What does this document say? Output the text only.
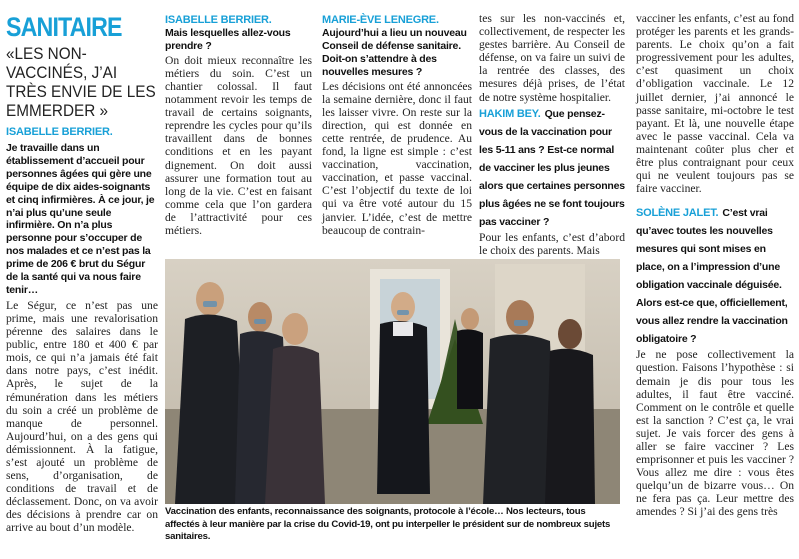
SANITAIRE
«LES NON-VACCINÉS, J’AI TRÈS ENVIE DE LES EMMERDER »
ISABELLE BERRIER.
Je travaille dans un établissement d’accueil pour personnes âgées qui gère une équipe de dix aides-soignants et cinq infirmières. À ce jour, je n’ai plus qu’une seule infirmière. On n’a plus personne pour s’occuper de nos malades et ce n’est pas la prime de 206 € brut du Ségur de la santé qui va nous faire tenir…
Le Ségur, ce n’est pas une prime, mais une revalorisation pérenne des salaires dans le public, entre 180 et 400 € par mois, ce qui n’a jamais été fait dans notre pays, c’est inédit. Après, le sujet de la rémunération dans les métiers du soin a créé un problème de manque de personnel. Aujourd’hui, on a des gens qui démissionnent. À la fatigue, s’est ajouté un problème de sens, d’organisation, de conditions de travail et de déclassement. Donc, on va avoir des décisions à prendre car on arrive au bout d’un modèle.
ISABELLE BERRIER.
Mais lesquelles allez-vous prendre ?
On doit mieux reconnaître les métiers du soin. C’est un chantier colossal. Il faut notamment revoir les temps de travail de certains soignants, reprendre les cycles pour qu’ils travaillent dans de bonnes conditions et en les payant dignement. On doit aussi assurer une formation tout au long de la vie. C’est en faisant comme cela que l’on gardera de l’attractivité pour ces métiers.
MARIE-ÈVE LENEGRE.
Aujourd’hui a lieu un nouveau Conseil de défense sanitaire. Doit-on s’attendre à des nouvelles mesures ?
Les décisions ont été annoncées la semaine dernière, donc il faut les laisser vivre. On reste sur la direction, qui est donnée en cette rentrée, de prudence. Au fond, la ligne est simple : c’est vaccination, vaccination, vaccination, et passe vaccinal. C’est l’objectif du texte de loi qui va être voté autour du 15 janvier. L’idée, c’est de mettre beaucoup de contrain-
tes sur les non-vaccinés et, collectivement, de respecter les gestes barrière. Au Conseil de défense, on va faire un suivi de la rentrée des classes, des mesures déjà prises, de l’état de notre système hospitalier.
HAKIM BEY. Que pensez-vous de la vaccination pour les 5-11 ans ? Est-ce normal de vacciner les plus jeunes alors que certaines personnes plus âgées ne se font toujours pas vacciner ?
Pour les enfants, c’est d’abord le choix des parents. Mais
vacciner les enfants, c’est au fond protéger les parents et les grands-parents. Le choix qu’on a fait progressivement pour les adultes, c’est quasiment un choix d’obligation vaccinale. Le 12 juillet dernier, j’ai annoncé le passe sanitaire, mi-octobre le test payant. Et là, une nouvelle étape avec le passe vaccinal. Cela va maintenant coûter plus cher et être plus contraignant pour ceux qui ne veulent toujours pas se faire vacciner.
SOLÈNE JALET. C’est vrai qu’avec toutes les nouvelles mesures qui sont mises en place, on a l’impression d’une obligation vaccinale déguisée. Alors est-ce que, officiellement, vous allez rendre la vaccination obligatoire ?
Je ne pose collectivement la question. Faisons l’hypothèse : si demain je dis pour tous les adultes, il faut être vacciné. Comment on le contrôle et quelle est la sanction ? C’est ça, le vrai sujet. Je vais forcer des gens à aller se faire vacciner ? Les emprisonner et puis les vacciner ? Vous allez me dire : vous êtes quelqu’un de bizarre vous… On ne fera pas ça. Leur mettre des amendes ? Si j’ai des gens très
Vaccination des enfants, reconnaissance des soignants, protocole à l’école… Nos lecteurs, tous affectés à leur manière par la crise du Covid-19, ont pu interpeller le président sur de nombreux sujets sanitaires.
